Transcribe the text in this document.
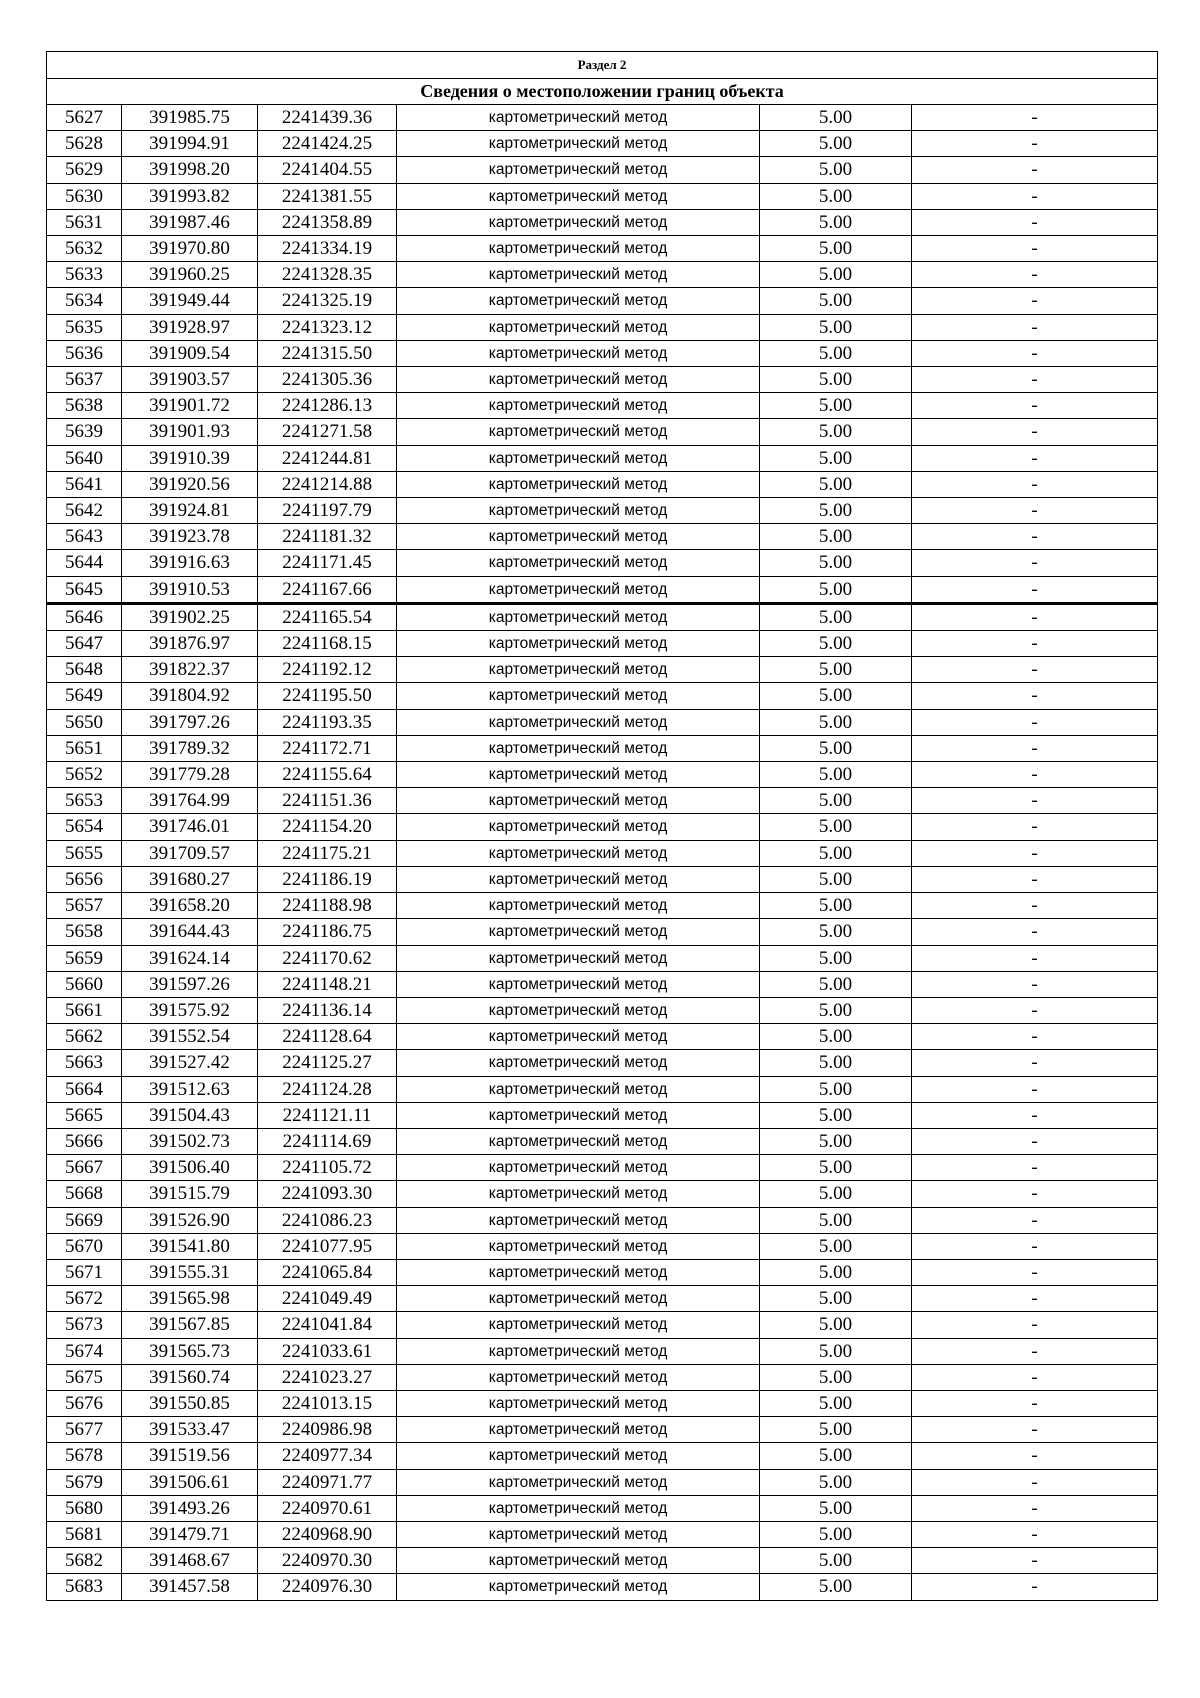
Раздел 2					
Сведения о местоположении границ объекта					
5627	391985.75	2241439.36	картометрический метод	5.00	-
5628	391994.91	2241424.25	картометрический метод	5.00	-
5629	391998.20	2241404.55	картометрический метод	5.00	-
5630	391993.82	2241381.55	картометрический метод	5.00	-
5631	391987.46	2241358.89	картометрический метод	5.00	-
5632	391970.80	2241334.19	картометрический метод	5.00	-
5633	391960.25	2241328.35	картометрический метод	5.00	-
5634	391949.44	2241325.19	картометрический метод	5.00	-
5635	391928.97	2241323.12	картометрический метод	5.00	-
5636	391909.54	2241315.50	картометрический метод	5.00	-
5637	391903.57	2241305.36	картометрический метод	5.00	-
5638	391901.72	2241286.13	картометрический метод	5.00	-
5639	391901.93	2241271.58	картометрический метод	5.00	-
5640	391910.39	2241244.81	картометрический метод	5.00	-
5641	391920.56	2241214.88	картометрический метод	5.00	-
5642	391924.81	2241197.79	картометрический метод	5.00	-
5643	391923.78	2241181.32	картометрический метод	5.00	-
5644	391916.63	2241171.45	картометрический метод	5.00	-
5645	391910.53	2241167.66	картометрический метод	5.00	-
5646	391902.25	2241165.54	картометрический метод	5.00	-
5647	391876.97	2241168.15	картометрический метод	5.00	-
5648	391822.37	2241192.12	картометрический метод	5.00	-
5649	391804.92	2241195.50	картометрический метод	5.00	-
5650	391797.26	2241193.35	картометрический метод	5.00	-
5651	391789.32	2241172.71	картометрический метод	5.00	-
5652	391779.28	2241155.64	картометрический метод	5.00	-
5653	391764.99	2241151.36	картометрический метод	5.00	-
5654	391746.01	2241154.20	картометрический метод	5.00	-
5655	391709.57	2241175.21	картометрический метод	5.00	-
5656	391680.27	2241186.19	картометрический метод	5.00	-
5657	391658.20	2241188.98	картометрический метод	5.00	-
5658	391644.43	2241186.75	картометрический метод	5.00	-
5659	391624.14	2241170.62	картометрический метод	5.00	-
5660	391597.26	2241148.21	картометрический метод	5.00	-
5661	391575.92	2241136.14	картометрический метод	5.00	-
5662	391552.54	2241128.64	картометрический метод	5.00	-
5663	391527.42	2241125.27	картометрический метод	5.00	-
5664	391512.63	2241124.28	картометрический метод	5.00	-
5665	391504.43	2241121.11	картометрический метод	5.00	-
5666	391502.73	2241114.69	картометрический метод	5.00	-
5667	391506.40	2241105.72	картометрический метод	5.00	-
5668	391515.79	2241093.30	картометрический метод	5.00	-
5669	391526.90	2241086.23	картометрический метод	5.00	-
5670	391541.80	2241077.95	картометрический метод	5.00	-
5671	391555.31	2241065.84	картометрический метод	5.00	-
5672	391565.98	2241049.49	картометрический метод	5.00	-
5673	391567.85	2241041.84	картометрический метод	5.00	-
5674	391565.73	2241033.61	картометрический метод	5.00	-
5675	391560.74	2241023.27	картометрический метод	5.00	-
5676	391550.85	2241013.15	картометрический метод	5.00	-
5677	391533.47	2240986.98	картометрический метод	5.00	-
5678	391519.56	2240977.34	картометрический метод	5.00	-
5679	391506.61	2240971.77	картометрический метод	5.00	-
5680	391493.26	2240970.61	картометрический метод	5.00	-
5681	391479.71	2240968.90	картометрический метод	5.00	-
5682	391468.67	2240970.30	картометрический метод	5.00	-
5683	391457.58	2240976.30	картометрический метод	5.00	-
